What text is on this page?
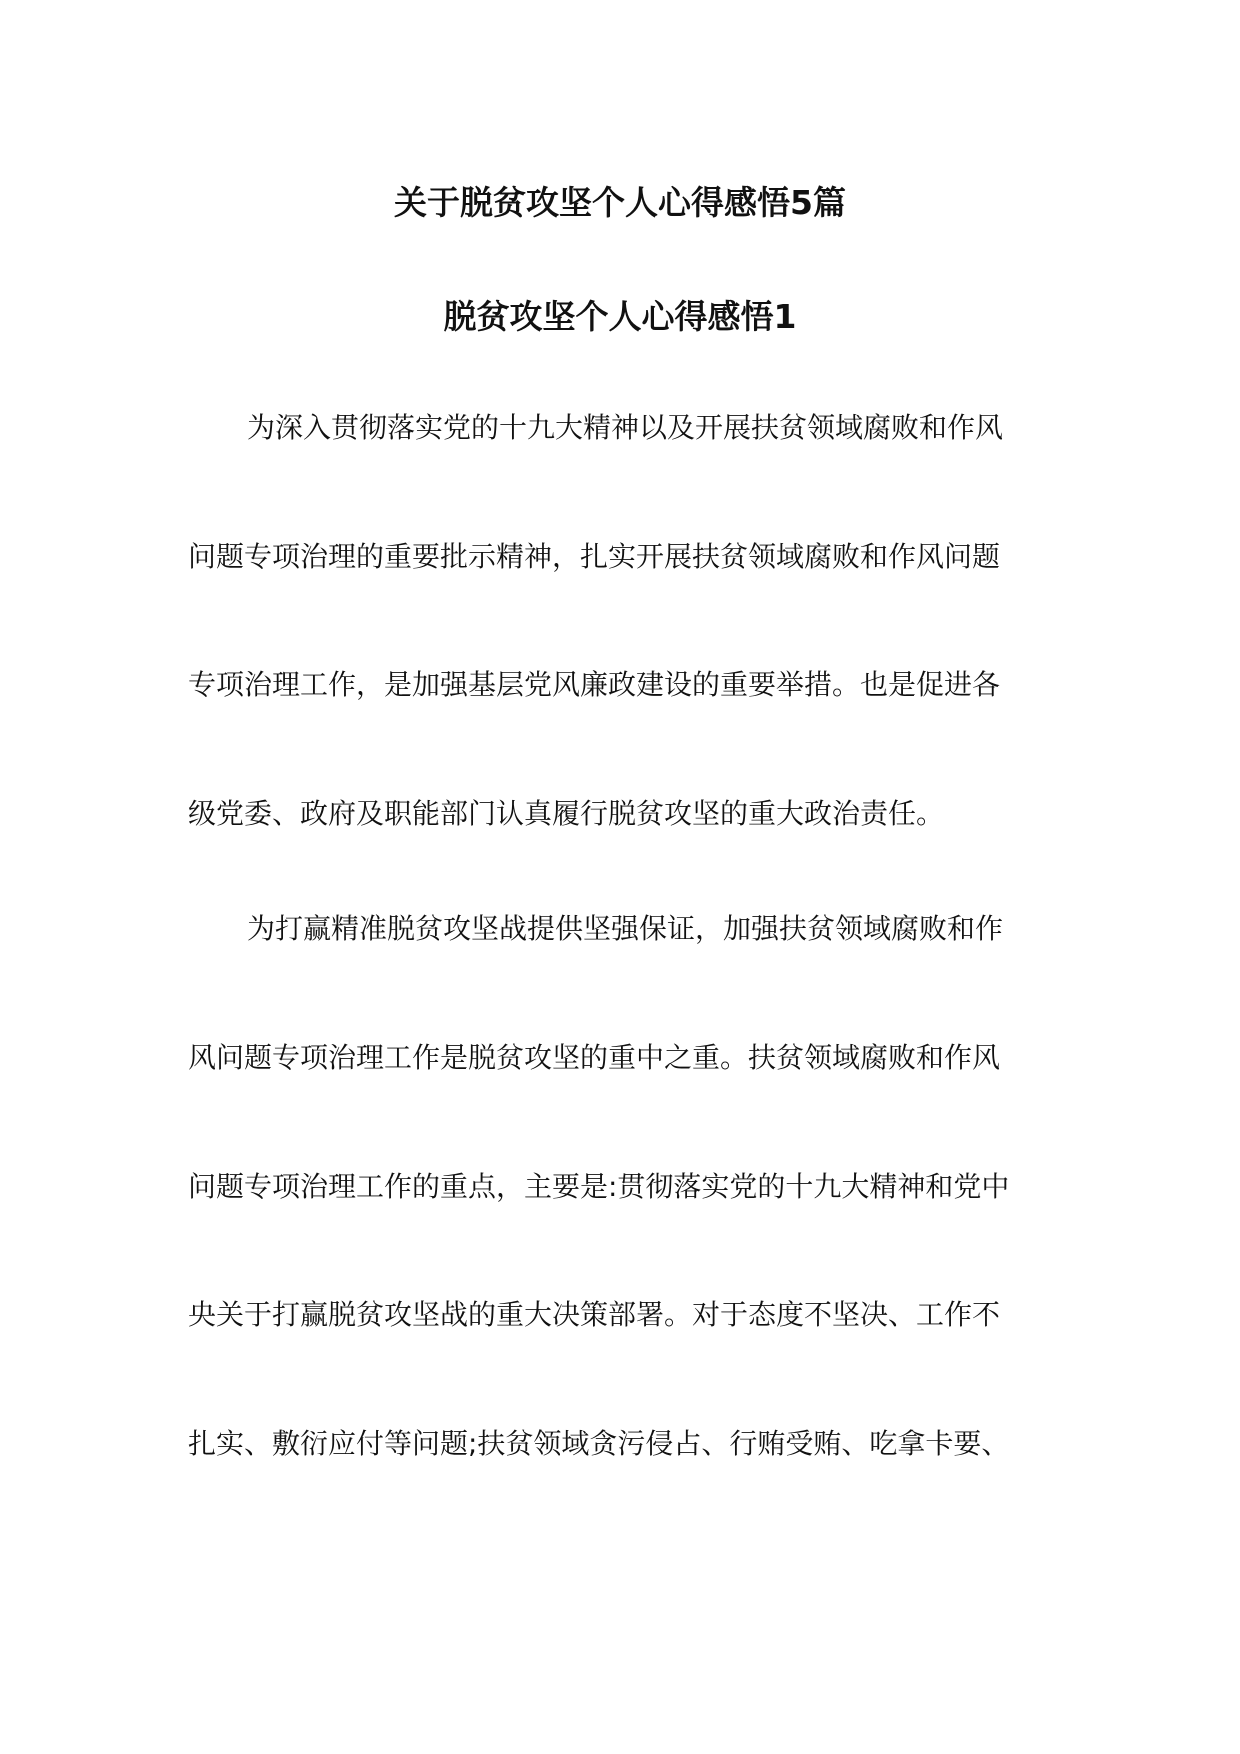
关于脱贫攻坚个人心得感悟5篇
脱贫攻坚个人心得感悟1

为深入贯彻落实党的十九大精神以及开展扶贫领域腐败和作风

问题专项治理的重要批示精神，扎实开展扶贫领域腐败和作风问题

专项治理工作，是加强基层党风廉政建设的重要举措。也是促进各

级党委、政府及职能部门认真履行脱贫攻坚的重大政治责任。

为打赢精准脱贫攻坚战提供坚强保证，加强扶贫领域腐败和作

风问题专项治理工作是脱贫攻坚的重中之重。扶贫领域腐败和作风

问题专项治理工作的重点，主要是:贯彻落实党的十九大精神和党中

央关于打赢脱贫攻坚战的重大决策部署。对于态度不坚决、工作不

扎实、敷衍应付等问题;扶贫领域贪污侵占、行贿受贿、吃拿卡要、
